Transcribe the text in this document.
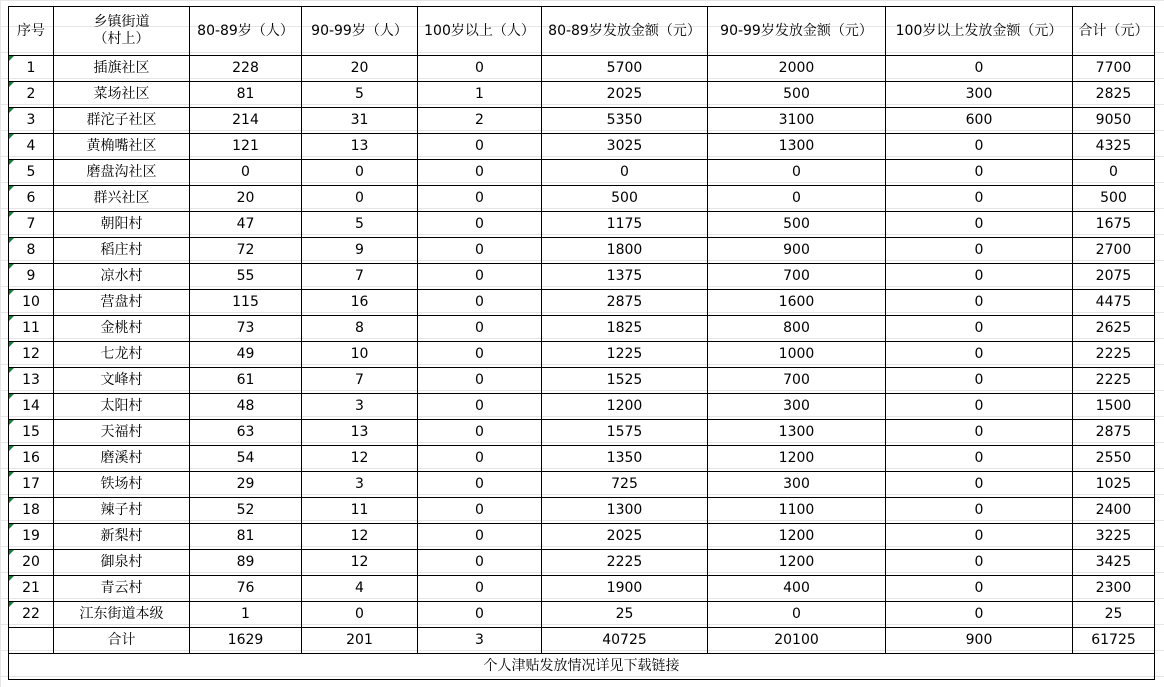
序号	乡镇街道
（村上）	80-89岁（人）	90-99岁（人）	100岁以上（人）	80-89岁发放金额（元）	90-99岁发放金额（元）	100岁以上发放金额（元）	合计（元）
1	插旗社区	228	20	0	5700	2000	0	7700
2	菜场社区	81	5	1	2025	500	300	2825
3	群沱子社区	214	31	2	5350	3100	600	9050
4	黄桷嘴社区	121	13	0	3025	1300	0	4325
5	磨盘沟社区	0	0	0	0	0	0	0
6	群兴社区	20	0	0	500	0	0	500
7	朝阳村	47	5	0	1175	500	0	1675
8	稻庄村	72	9	0	1800	900	0	2700
9	凉水村	55	7	0	1375	700	0	2075
10	营盘村	115	16	0	2875	1600	0	4475
11	金桃村	73	8	0	1825	800	0	2625
12	七龙村	49	10	0	1225	1000	0	2225
13	文峰村	61	7	0	1525	700	0	2225
14	太阳村	48	3	0	1200	300	0	1500
15	天福村	63	13	0	1575	1300	0	2875
16	磨溪村	54	12	0	1350	1200	0	2550
17	铁场村	29	3	0	725	300	0	1025
18	辣子村	52	11	0	1300	1100	0	2400
19	新梨村	81	12	0	2025	1200	0	3225
20	御泉村	89	12	0	2225	1200	0	3425
21	青云村	76	4	0	1900	400	0	2300
22	江东街道本级	1	0	0	25	0	0	25
	合计	1629	201	3	40725	20100	900	61725
个人津贴发放情况详见下载链接								
